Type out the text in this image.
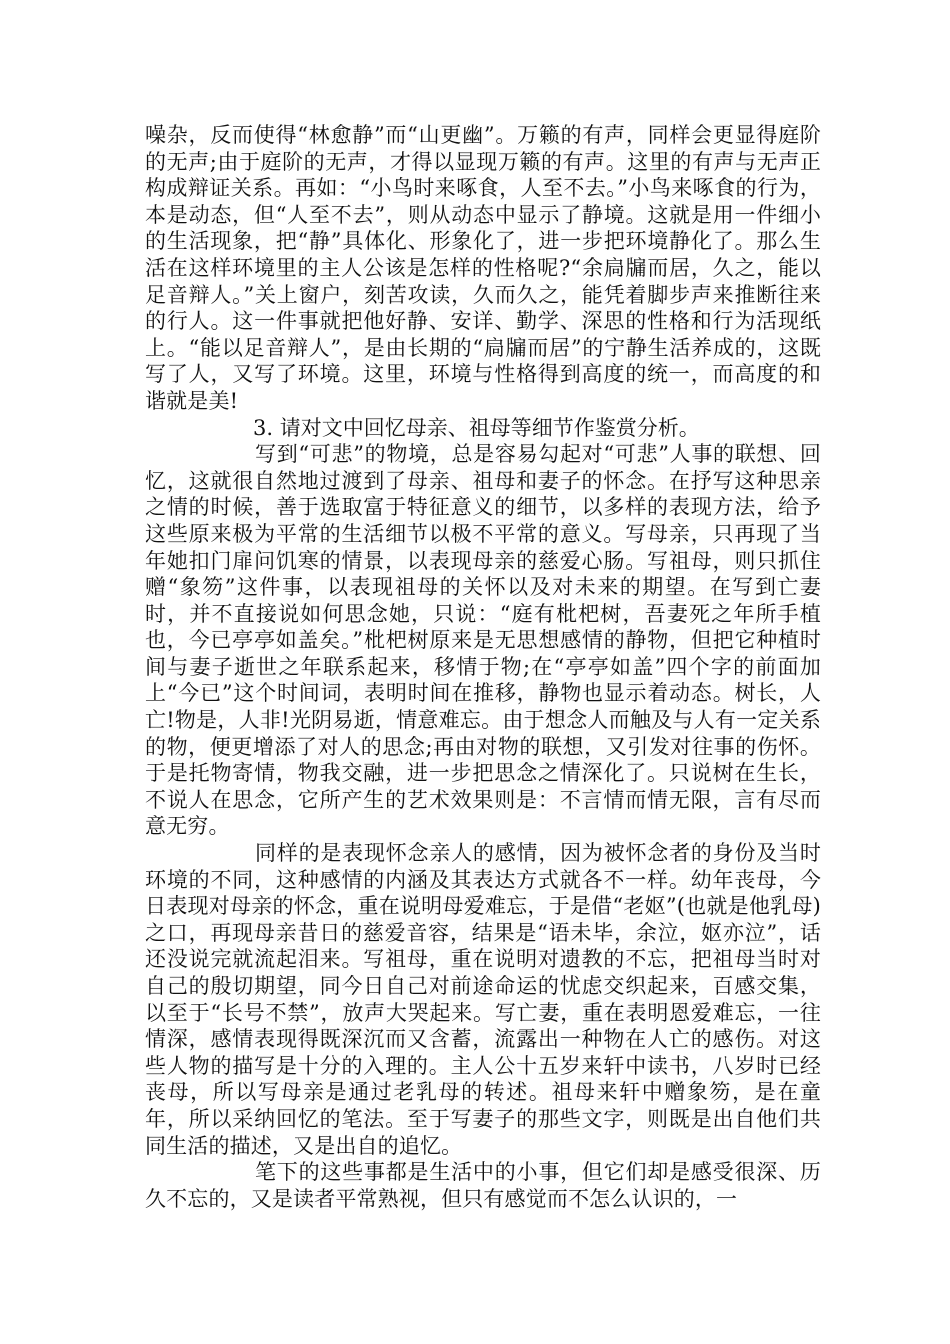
噪杂，反而使得“林愈静”而“山更幽”。万籁的有声，同样会更显得庭阶的无声;由于庭阶的无声，才得以显现万籁的有声。这里的有声与无声正构成辩证关系。再如：“小鸟时来啄食，人至不去。”小鸟来啄食的行为，本是动态，但“人至不去”，则从动态中显示了静境。这就是用一件细小的生活现象，把“静”具体化、形象化了，进一步把环境静化了。那么生活在这样环境里的主人公该是怎样的性格呢?“余扃牖而居，久之，能以足音辩人。”关上窗户，刻苦攻读，久而久之，能凭着脚步声来推断往来的行人。这一件事就把他好静、安详、勤学、深思的性格和行为活现纸上。“能以足音辩人”，是由长期的“扃牖而居”的宁静生活养成的，这既写了人，又写了环境。这里，环境与性格得到高度的统一，而高度的和谐就是美!

3. 请对文中回忆母亲、祖母等细节作鉴赏分析。

写到“可悲”的物境，总是容易勾起对“可悲”人事的联想、回忆，这就很自然地过渡到了母亲、祖母和妻子的怀念。在抒写这种思亲之情的时候，善于选取富于特征意义的细节，以多样的表现方法，给予这些原来极为平常的生活细节以极不平常的意义。写母亲，只再现了当年她扣门扉问饥寒的情景，以表现母亲的慈爱心肠。写祖母，则只抓住赠“象笏”这件事，以表现祖母的关怀以及对未来的期望。在写到亡妻时，并不直接说如何思念她，只说：“庭有枇杷树，吾妻死之年所手植也，今已亭亭如盖矣。”枇杷树原来是无思想感情的静物，但把它种植时间与妻子逝世之年联系起来，移情于物;在“亭亭如盖”四个字的前面加上“今已”这个时间词，表明时间在推移，静物也显示着动态。树长，人亡!物是，人非!光阴易逝，情意难忘。由于想念人而触及与人有一定关系的物，便更增添了对人的思念;再由对物的联想，又引发对往事的伤怀。于是托物寄情，物我交融，进一步把思念之情深化了。只说树在生长，不说人在思念，它所产生的艺术效果则是：不言情而情无限，言有尽而意无穷。

同样的是表现怀念亲人的感情，因为被怀念者的身份及当时环境的不同，这种感情的内涵及其表达方式就各不一样。幼年丧母，今日表现对母亲的怀念，重在说明母爱难忘，于是借“老妪”(也就是他乳母)之口，再现母亲昔日的慈爱音容，结果是“语未毕，余泣，妪亦泣”，话还没说完就流起泪来。写祖母，重在说明对遗教的不忘，把祖母当时对自己的殷切期望，同今日自己对前途命运的忧虑交织起来，百感交集，以至于“长号不禁”，放声大哭起来。写亡妻，重在表明恩爱难忘，一往情深，感情表现得既深沉而又含蓄，流露出一种物在人亡的感伤。对这些人物的描写是十分的入理的。主人公十五岁来轩中读书，八岁时已经丧母，所以写母亲是通过老乳母的转述。祖母来轩中赠象笏，是在童年，所以采纳回忆的笔法。至于写妻子的那些文字，则既是出自他们共同生活的描述，又是出自的追忆。

笔下的这些事都是生活中的小事，但它们却是感受很深、历久不忘的，又是读者平常熟视，但只有感觉而不怎么认识的，一
